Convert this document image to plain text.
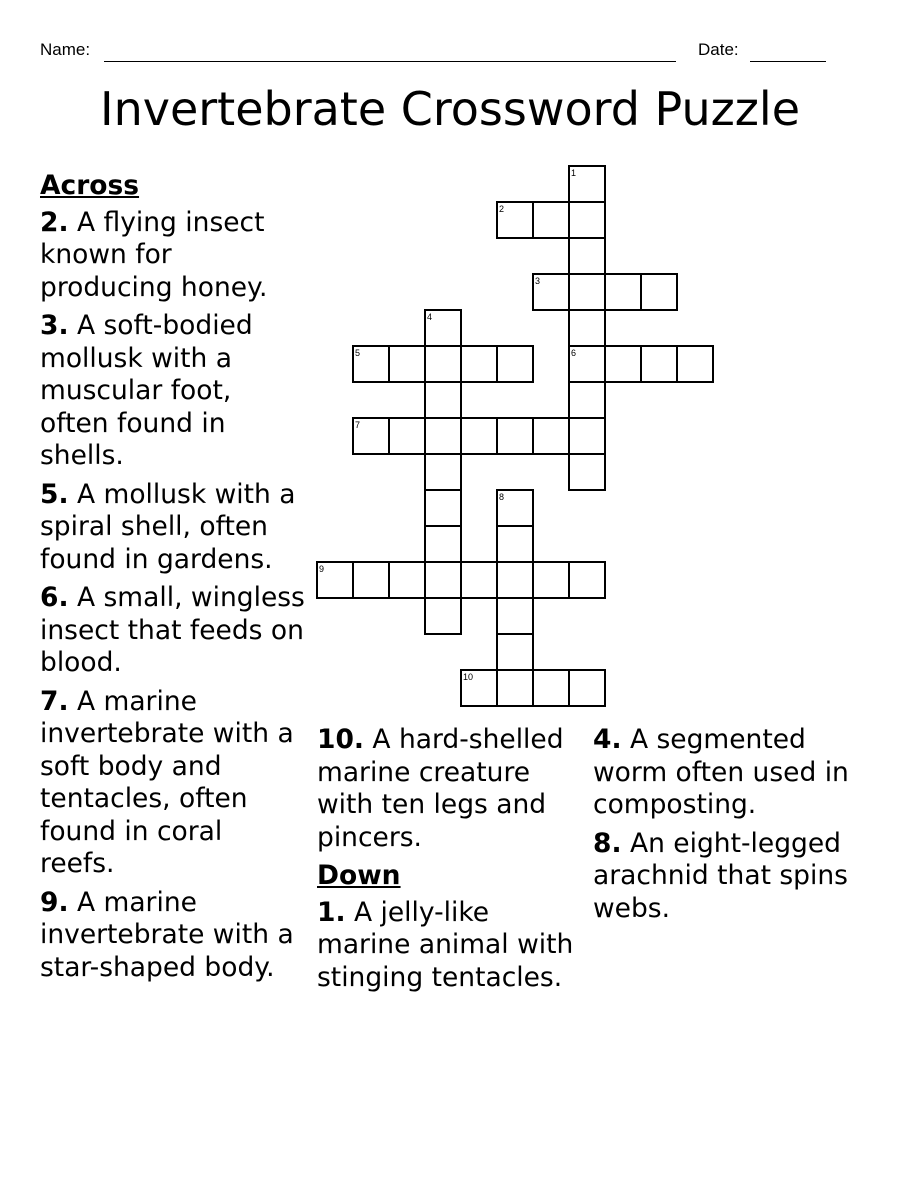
Name:	Date:
Invertebrate Crossword Puzzle
Across
2. A flying insect known for producing honey.
3. A soft-bodied mollusk with a muscular foot, often found in shells.
5. A mollusk with a spiral shell, often found in gardens.
6. A small, wingless insect that feeds on blood.
7. A marine invertebrate with a soft body and tentacles, often found in coral reefs.
9. A marine invertebrate with a star-shaped body.
10. A hard-shelled marine creature with ten legs and pincers.
Down
1. A jelly-like marine animal with stinging tentacles.
4. A segmented worm often used in composting.
8. An eight-legged arachnid that spins webs.
1
2
3
4
5	6
7
8
9
10
